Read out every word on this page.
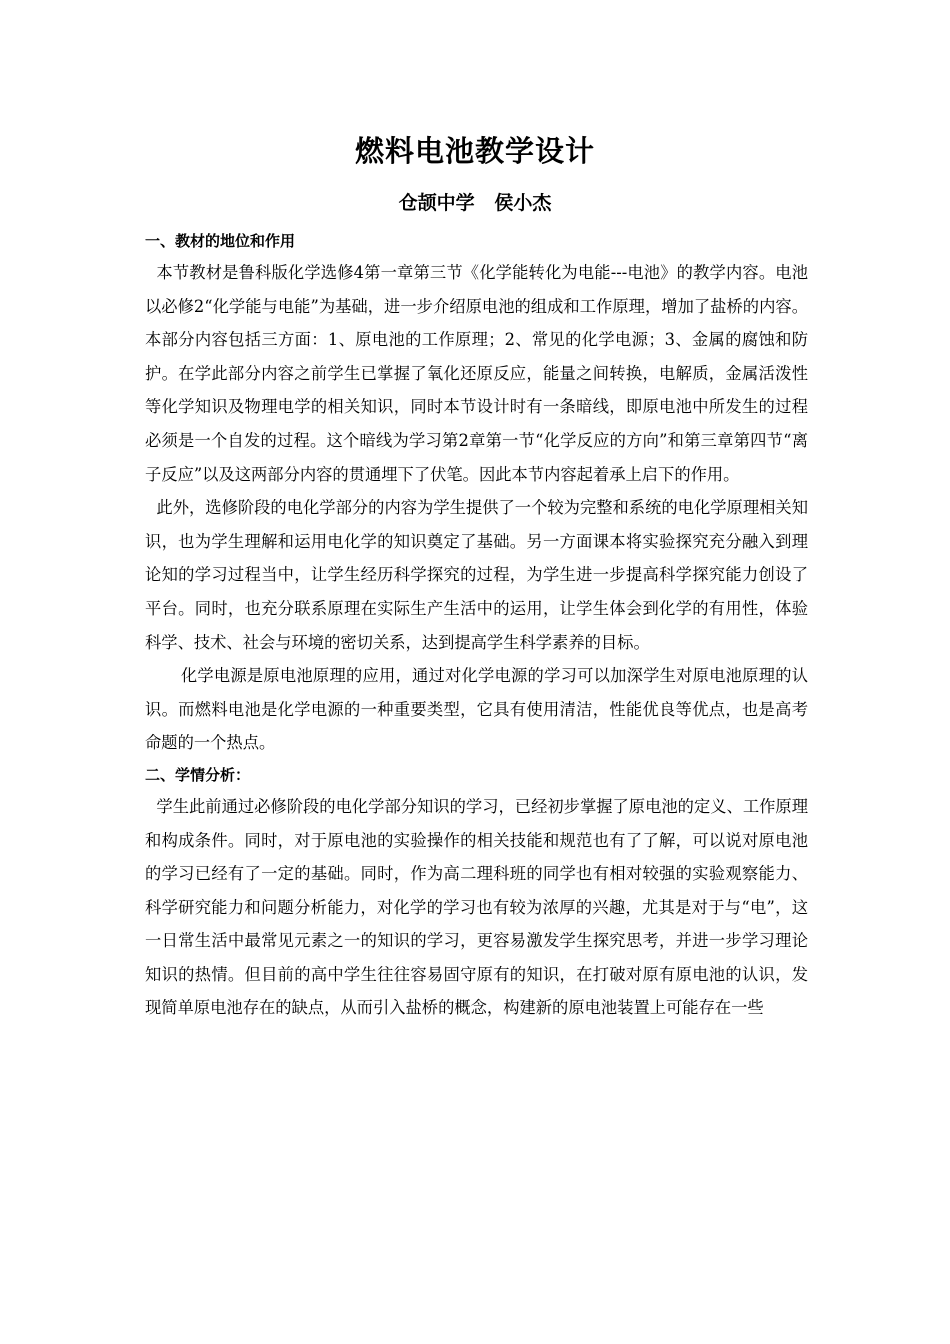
燃料电池教学设计
仓颉中学   侯小杰
一、教材的地位和作用

本节教材是鲁科版化学选修4第一章第三节《化学能转化为电能---电池》的教学内容。电池以必修2“化学能与电能”为基础，进一步介绍原电池的组成和工作原理，增加了盐桥的内容。本部分内容包括三方面：1、原电池的工作原理；2、常见的化学电源；3、金属的腐蚀和防护。在学此部分内容之前学生已掌握了氧化还原反应，能量之间转换，电解质，金属活泼性等化学知识及物理电学的相关知识，同时本节设计时有一条暗线，即原电池中所发生的过程必须是一个自发的过程。这个暗线为学习第2章第一节“化学反应的方向”和第三章第四节“离子反应”以及这两部分内容的贯通埋下了伏笔。因此本节内容起着承上启下的作用。

此外，选修阶段的电化学部分的内容为学生提供了一个较为完整和系统的电化学原理相关知识，也为学生理解和运用电化学的知识奠定了基础。另一方面课本将实验探究充分融入到理论知的学习过程当中，让学生经历科学探究的过程，为学生进一步提高科学探究能力创设了平台。同时，也充分联系原理在实际生产生活中的运用，让学生体会到化学的有用性，体验科学、技术、社会与环境的密切关系，达到提高学生科学素养的目标。

化学电源是原电池原理的应用，通过对化学电源的学习可以加深学生对原电池原理的认识。而燃料电池是化学电源的一种重要类型，它具有使用清洁，性能优良等优点，也是高考命题的一个热点。

二、学情分析：

学生此前通过必修阶段的电化学部分知识的学习，已经初步掌握了原电池的定义、工作原理和构成条件。同时，对于原电池的实验操作的相关技能和规范也有了了解，可以说对原电池的学习已经有了一定的基础。同时，作为高二理科班的同学也有相对较强的实验观察能力、科学研究能力和问题分析能力，对化学的学习也有较为浓厚的兴趣，尤其是对于与“电”，这一日常生活中最常见元素之一的知识的学习，更容易激发学生探究思考，并进一步学习理论知识的热情。但目前的高中学生往往容易固守原有的知识，在打破对原有原电池的认识，发现简单原电池存在的缺点，从而引入盐桥的概念，构建新的原电池装置上可能存在一些
